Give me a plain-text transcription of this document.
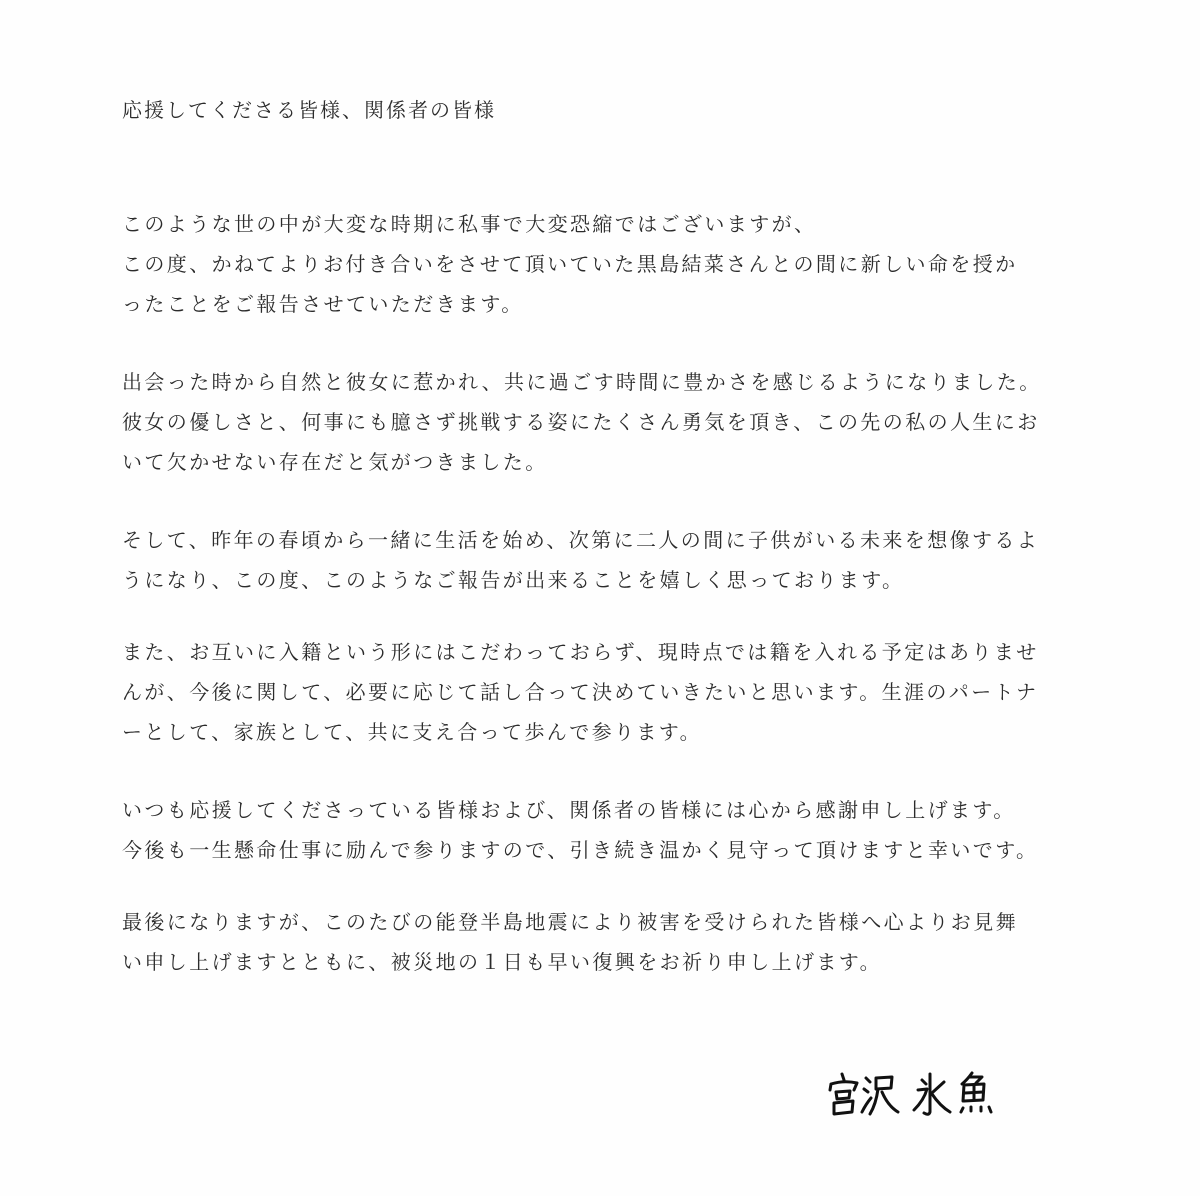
応援してくださる皆様、関係者の皆様
このような世の中が大変な時期に私事で大変恐縮ではございますが、
この度、かねてよりお付き合いをさせて頂いていた黒島結菜さんとの間に新しい命を授か
ったことをご報告させていただきます。
出会った時から自然と彼女に惹かれ、共に過ごす時間に豊かさを感じるようになりました。
彼女の優しさと、何事にも臆さず挑戦する姿にたくさん勇気を頂き、この先の私の人生にお
いて欠かせない存在だと気がつきました。
そして、昨年の春頃から一緒に生活を始め、次第に二人の間に子供がいる未来を想像するよ
うになり、この度、このようなご報告が出来ることを嬉しく思っております。
また、お互いに入籍という形にはこだわっておらず、現時点では籍を入れる予定はありませ
んが、今後に関して、必要に応じて話し合って決めていきたいと思います。生涯のパートナ
ーとして、家族として、共に支え合って歩んで参ります。
いつも応援してくださっている皆様および、関係者の皆様には心から感謝申し上げます。
今後も一生懸命仕事に励んで参りますので、引き続き温かく見守って頂けますと幸いです。
最後になりますが、このたびの能登半島地震により被害を受けられた皆様へ心よりお見舞
い申し上げますとともに、被災地の１日も早い復興をお祈り申し上げます。
